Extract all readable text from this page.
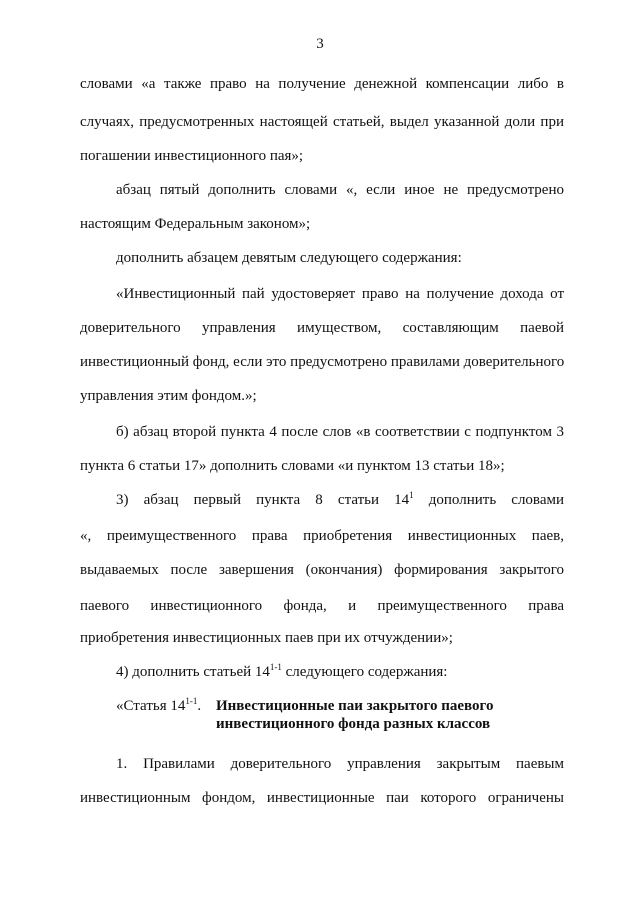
3
словами «а также право на получение денежной компенсации либо в
случаях, предусмотренных настоящей статьей, выдел указанной доли при
погашении инвестиционного пая»;
абзац пятый дополнить словами «, если иное не предусмотрено
настоящим Федеральным законом»;
дополнить абзацем девятым следующего содержания:
«Инвестиционный пай удостоверяет право на получение дохода от
доверительного управления имуществом, составляющим паевой
инвестиционный фонд, если это предусмотрено правилами доверительного
управления этим фондом.»;
б) абзац второй пункта 4 после слов «в соответствии с подпунктом 3
пункта 6 статьи 17» дополнить словами «и пунктом 13 статьи 18»;
3) абзац первый пункта 8 статьи $14^1$ дополнить словами
«, преимущественного права приобретения инвестиционных паев,
выдаваемых после завершения (окончания) формирования закрытого
паевого инвестиционного фонда, и преимущественного права
приобретения инвестиционных паев при их отчуждении»;
4) дополнить статьей 14$^{1-1}$ следующего содержания:
«Статья 14$^{1-1}$. Инвестиционные паи закрытого паевого
инвестиционного фонда разных классов
1. Правилами доверительного управления закрытым паевым
инвестиционным фондом, инвестиционные паи которого ограничены
